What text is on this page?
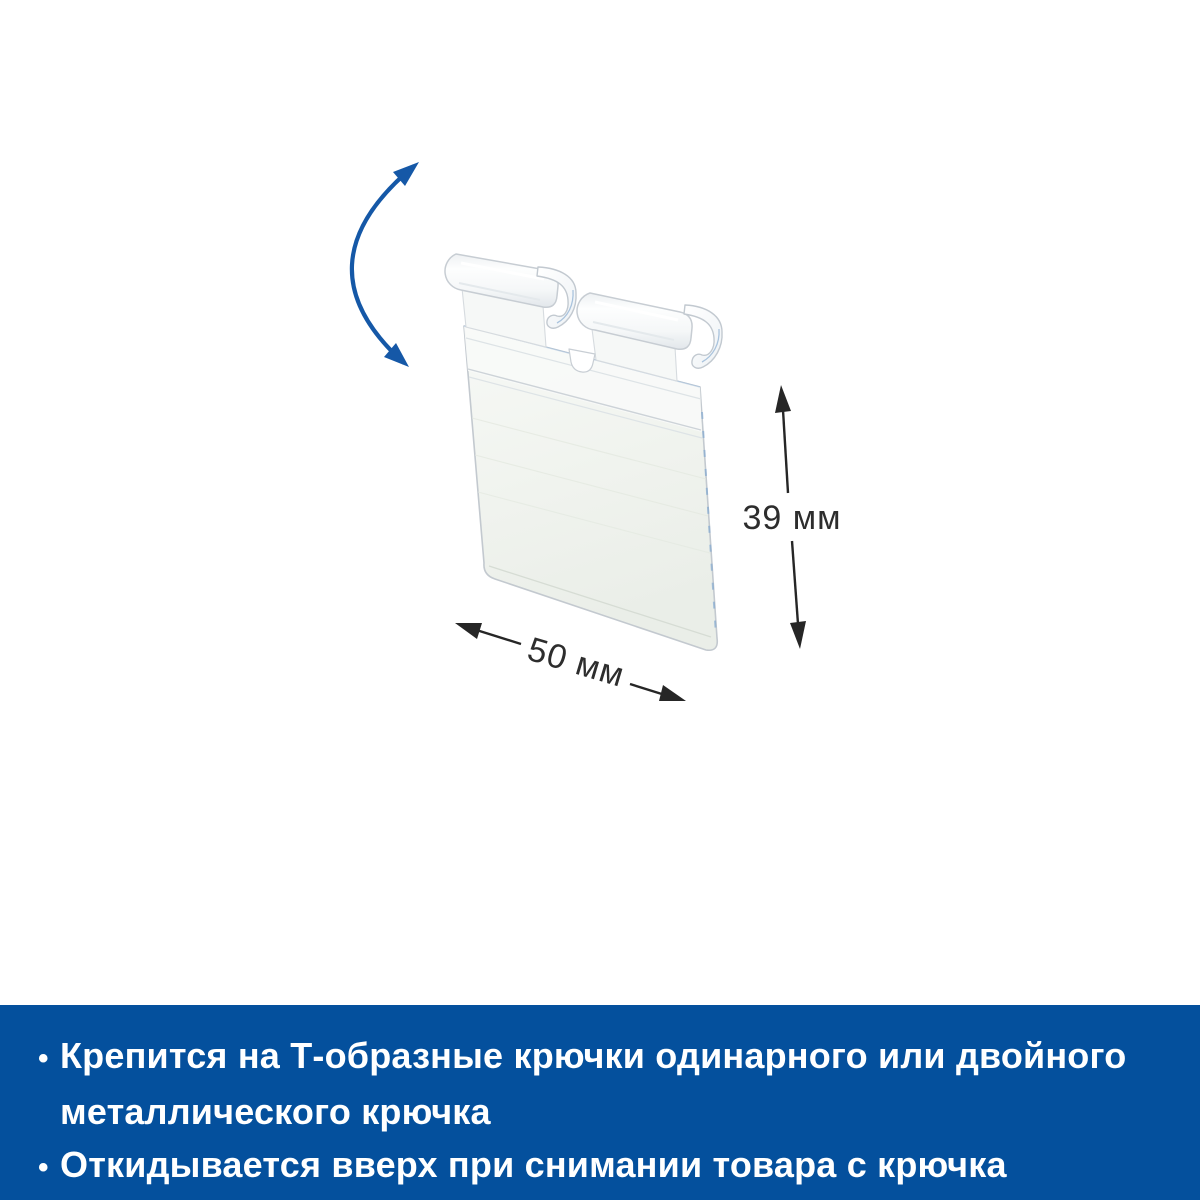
39 мм
50 мм
• Крепится на Т-образные крючки одинарного или двойного
металлического крючка
• Откидывается вверх при снимании товара с крючка
